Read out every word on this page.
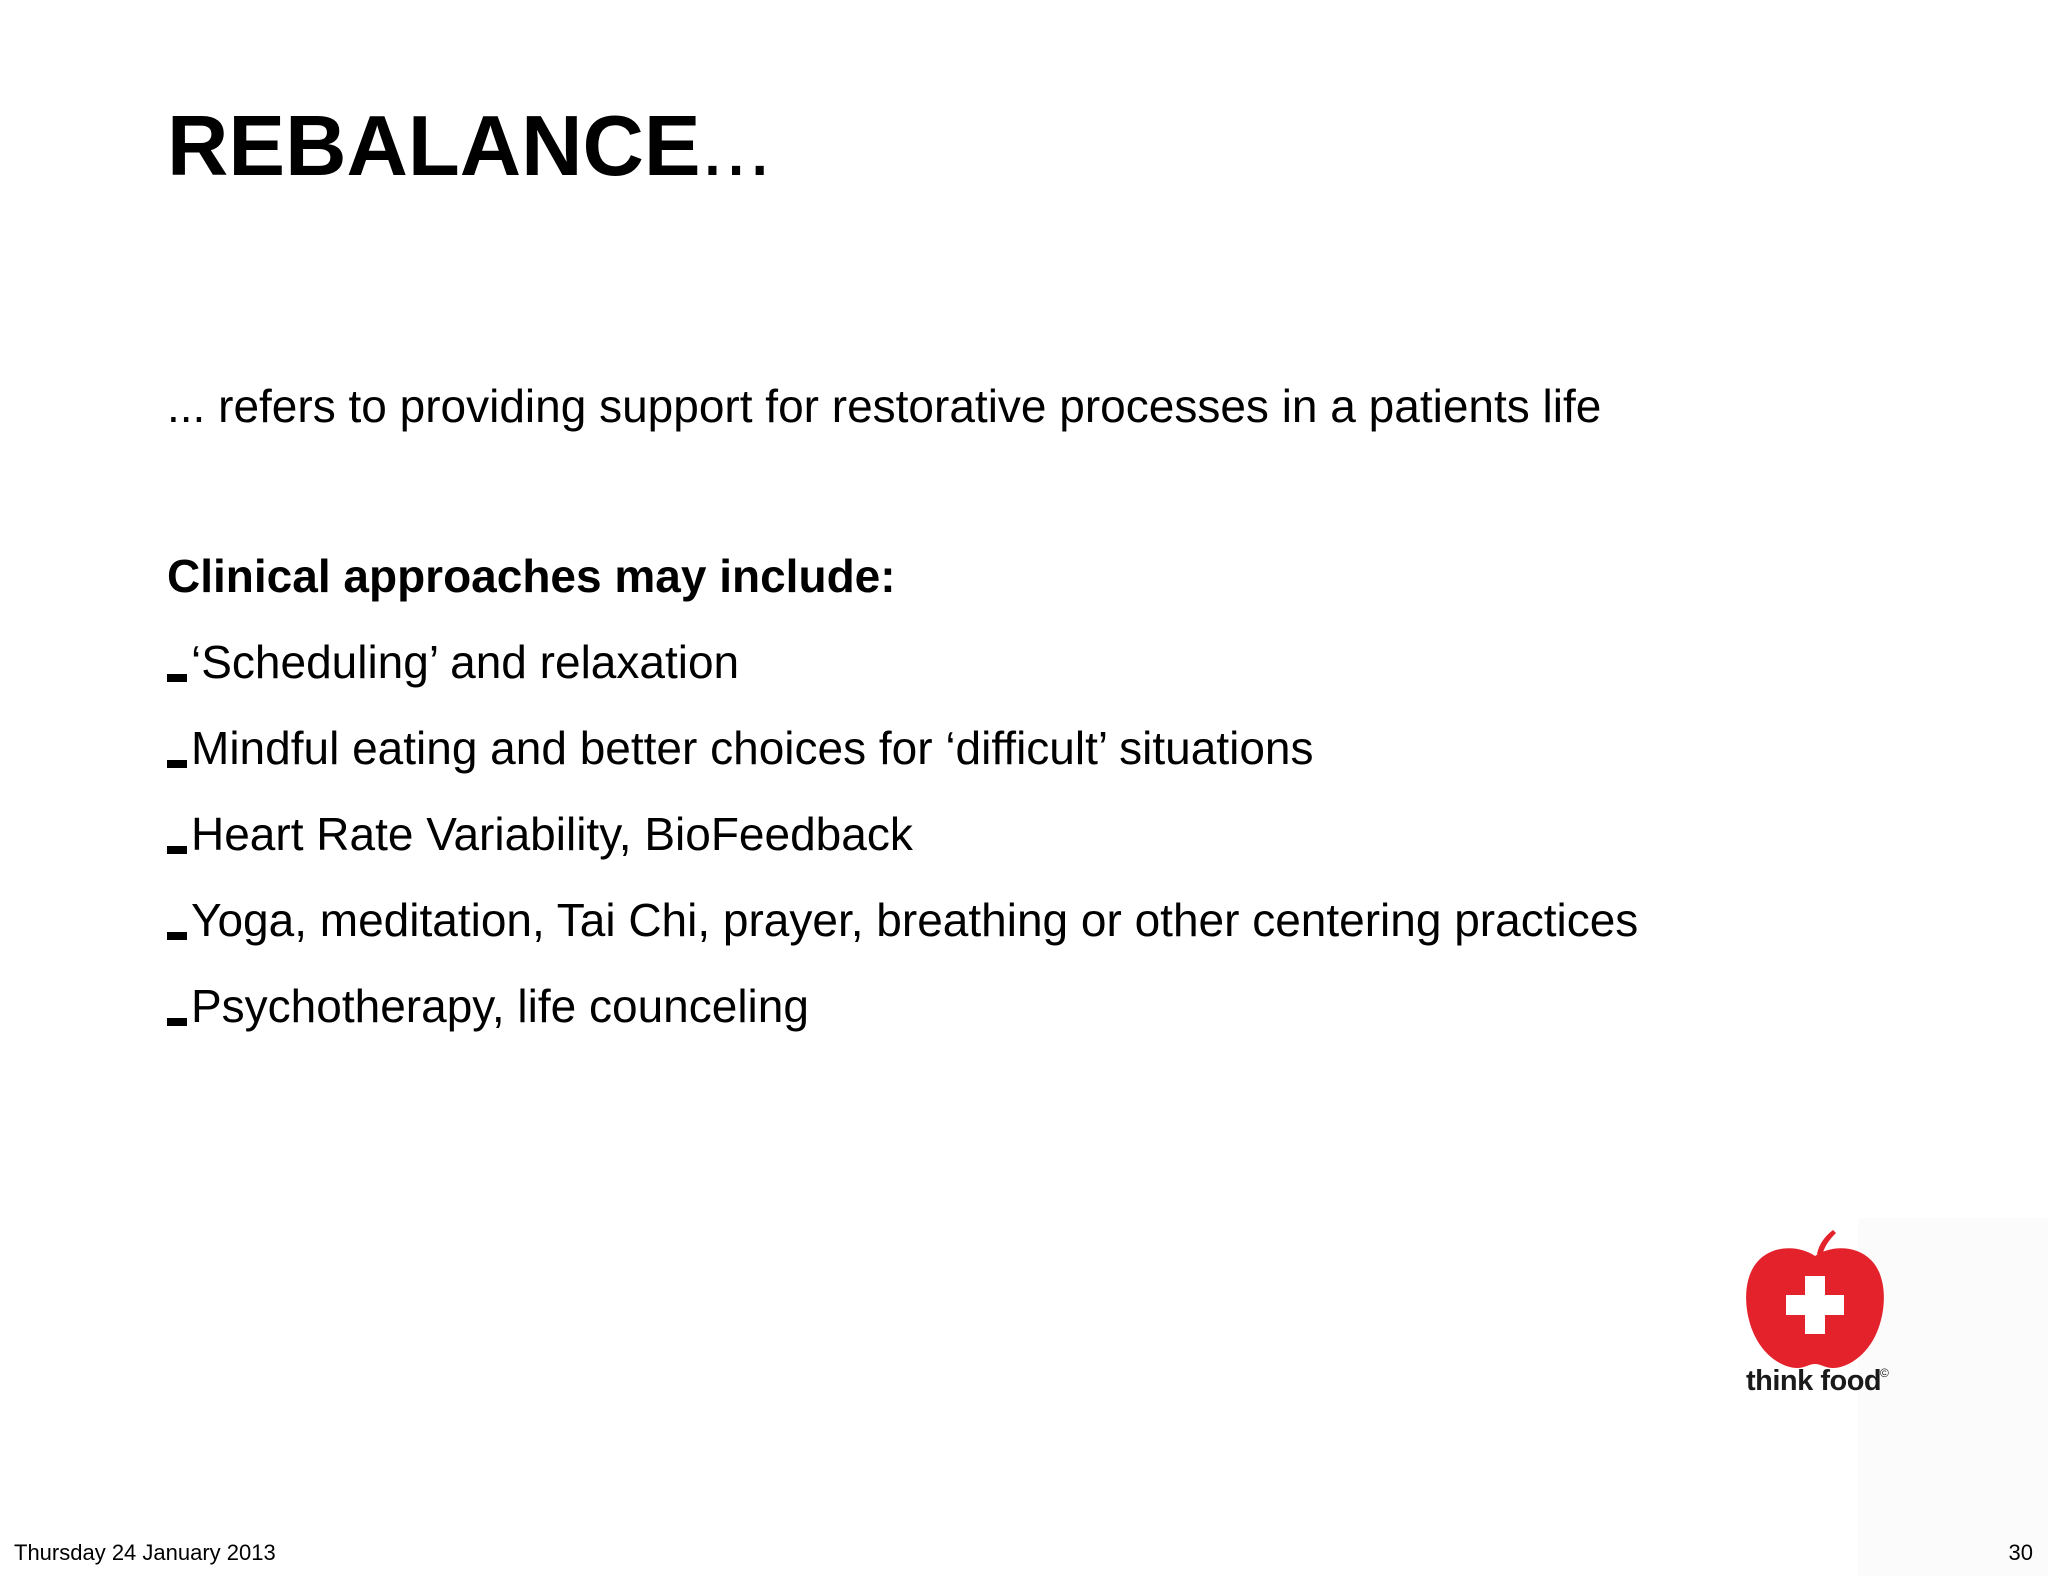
REBALANCE...
... refers to providing support for restorative processes in a patients life
Clinical approaches may include:
‘Scheduling’ and relaxation
Mindful eating and better choices for ‘difficult’ situations
Heart Rate Variability, BioFeedback
Yoga, meditation, Tai Chi, prayer, breathing or other centering practices
Psychotherapy, life counceling
think food
©
Thursday 24 January 2013	30
